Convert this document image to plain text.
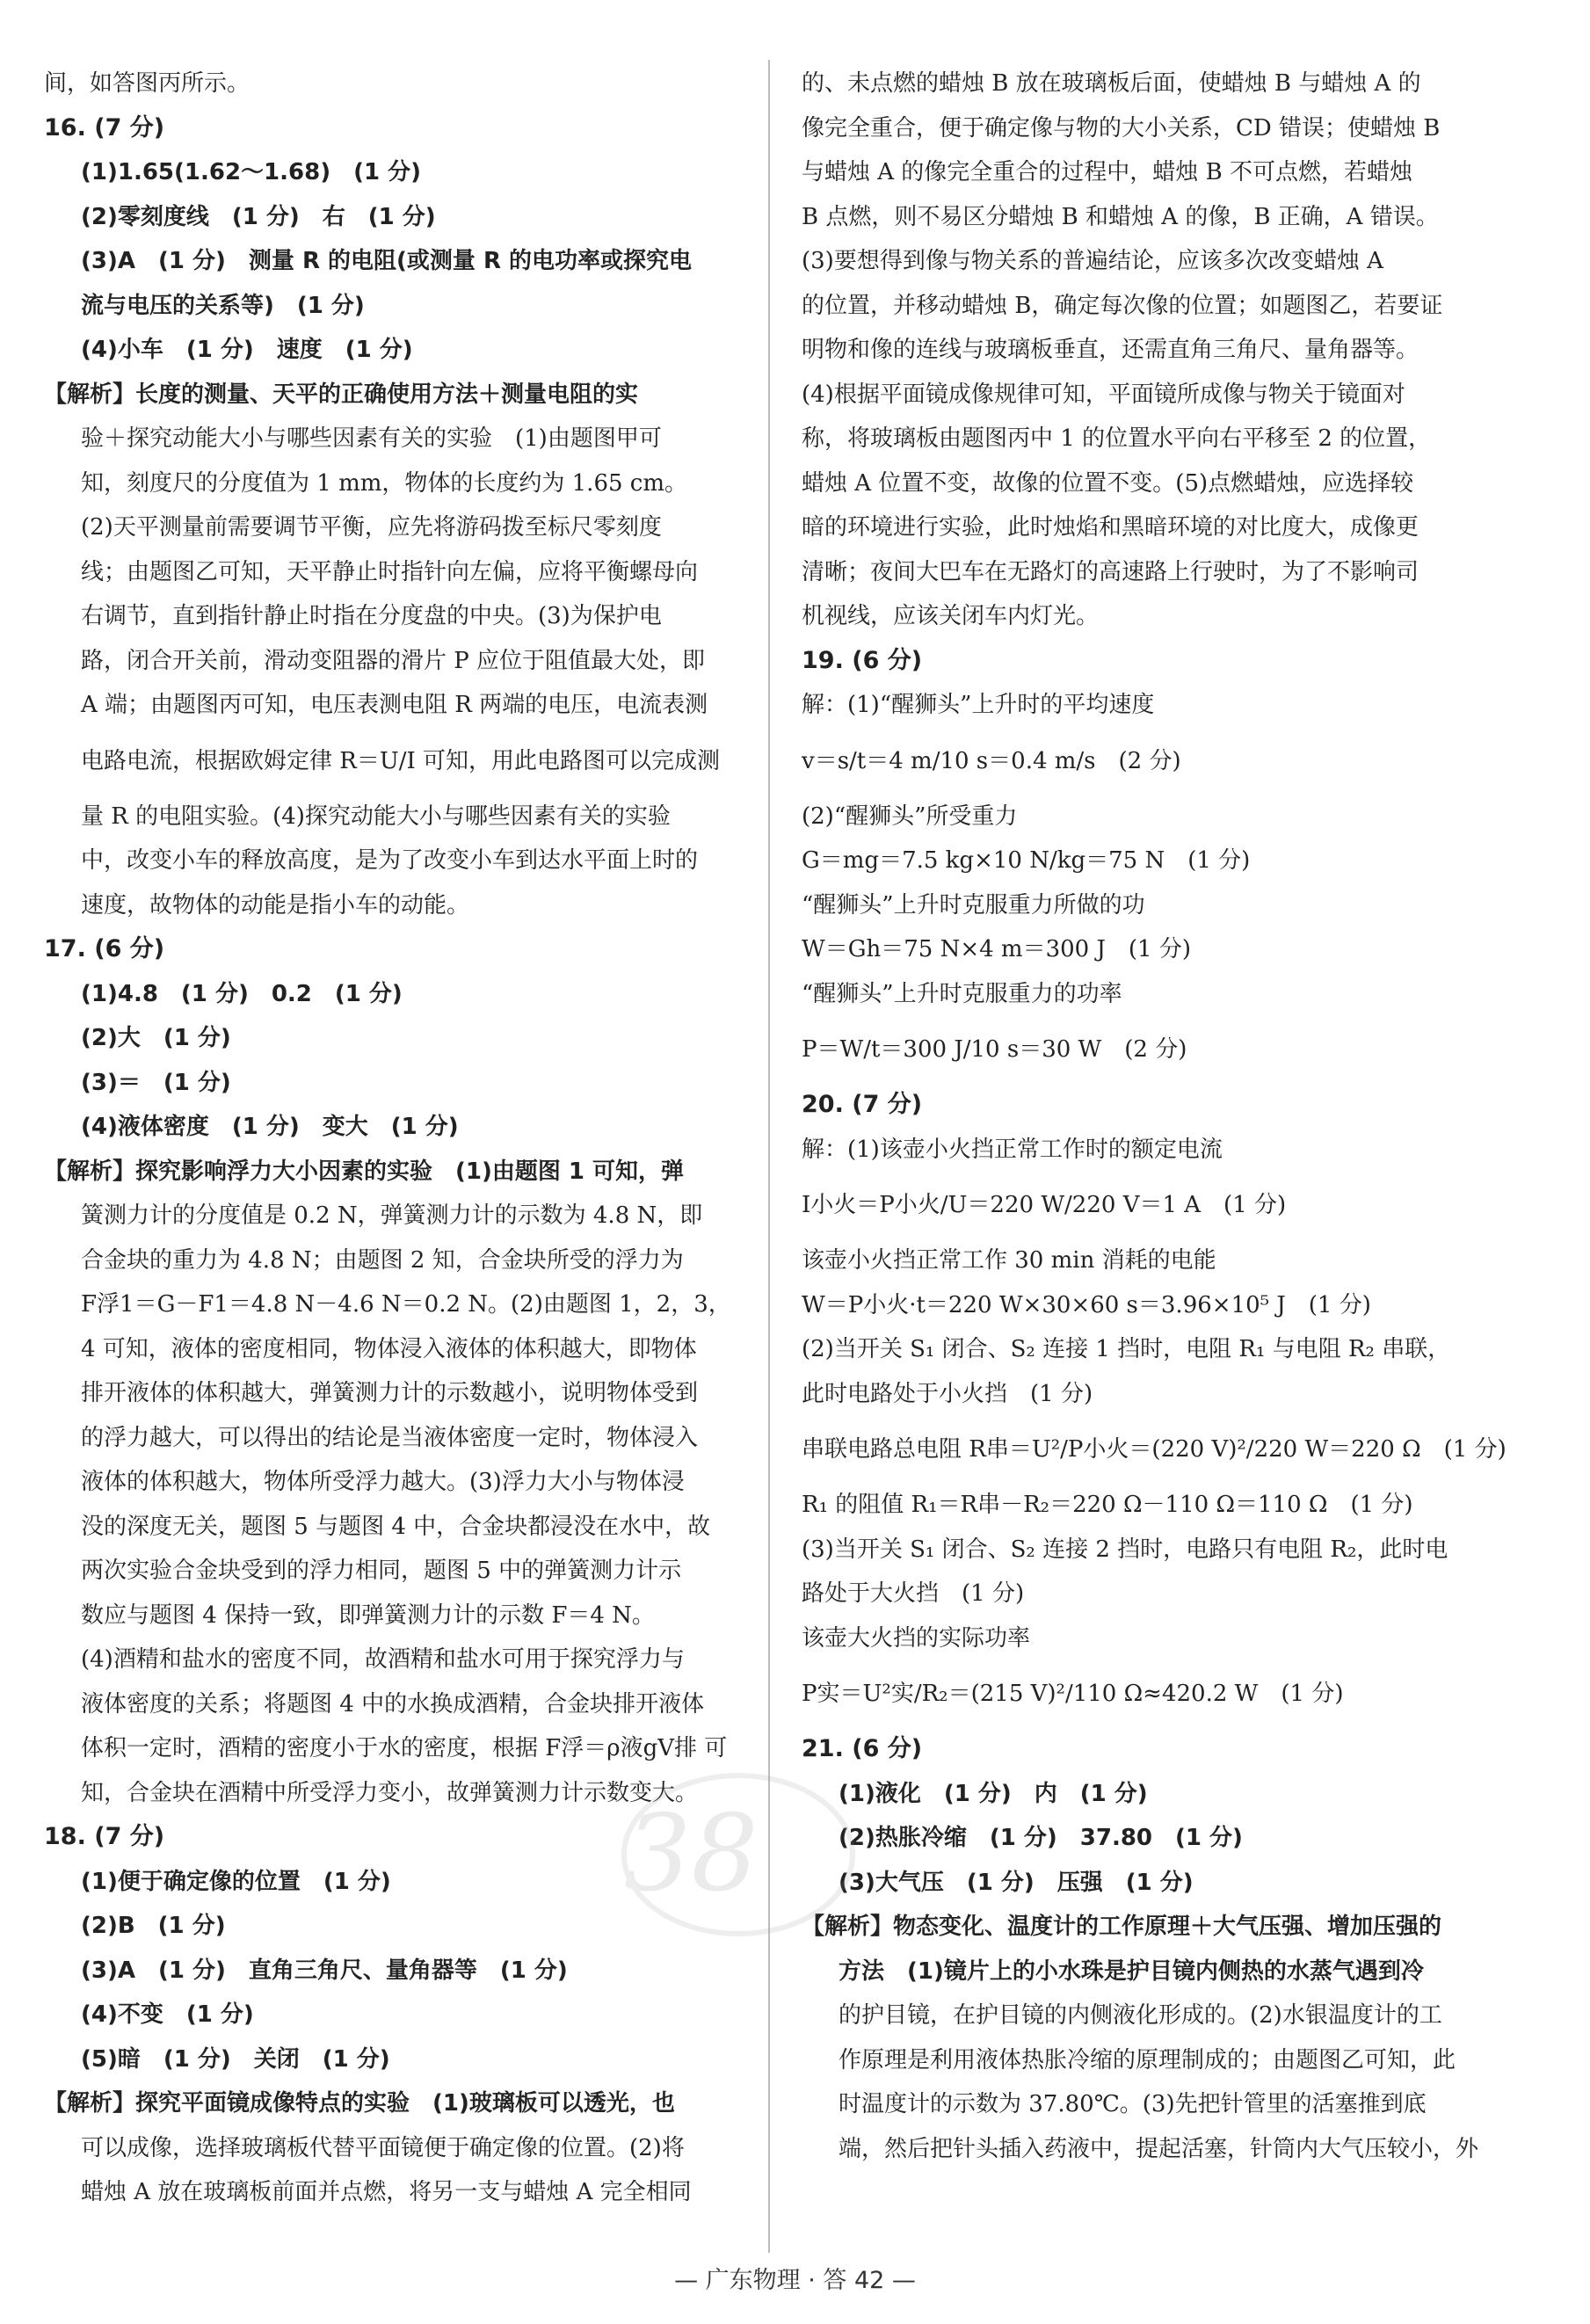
间，如答图丙所示。
16. (7 分)
(1)1.65(1.62～1.68)　(1 分)
(2)零刻度线　(1 分)　右　(1 分)
(3)A　(1 分)　测量 R 的电阻(或测量 R 的电功率或探究电
流与电压的关系等)　(1 分)
(4)小车　(1 分)　速度　(1 分)
【解析】长度的测量、天平的正确使用方法＋测量电阻的实
验＋探究动能大小与哪些因素有关的实验　(1)由题图甲可
知，刻度尺的分度值为 1 mm，物体的长度约为 1.65 cm。
(2)天平测量前需要调节平衡，应先将游码拨至标尺零刻度
线；由题图乙可知，天平静止时指针向左偏，应将平衡螺母向
右调节，直到指针静止时指在分度盘的中央。(3)为保护电
路，闭合开关前，滑动变阻器的滑片 P 应位于阻值最大处，即
A 端；由题图丙可知，电压表测电阻 R 两端的电压，电流表测
电路电流，根据欧姆定律 R＝U/I 可知，用此电路图可以完成测
量 R 的电阻实验。(4)探究动能大小与哪些因素有关的实验
中，改变小车的释放高度，是为了改变小车到达水平面上时的
速度，故物体的动能是指小车的动能。
17. (6 分)
(1)4.8　(1 分)　0.2　(1 分)
(2)大　(1 分)
(3)＝　(1 分)
(4)液体密度　(1 分)　变大　(1 分)
【解析】探究影响浮力大小因素的实验　(1)由题图 1 可知，弹
簧测力计的分度值是 0.2 N，弹簧测力计的示数为 4.8 N，即
合金块的重力为 4.8 N；由题图 2 知，合金块所受的浮力为
F浮1＝G－F1＝4.8 N－4.6 N＝0.2 N。(2)由题图 1，2，3，
4 可知，液体的密度相同，物体浸入液体的体积越大，即物体
排开液体的体积越大，弹簧测力计的示数越小，说明物体受到
的浮力越大，可以得出的结论是当液体密度一定时，物体浸入
液体的体积越大，物体所受浮力越大。(3)浮力大小与物体浸
没的深度无关，题图 5 与题图 4 中，合金块都浸没在水中，故
两次实验合金块受到的浮力相同，题图 5 中的弹簧测力计示
数应与题图 4 保持一致，即弹簧测力计的示数 F＝4 N。
(4)酒精和盐水的密度不同，故酒精和盐水可用于探究浮力与
液体密度的关系；将题图 4 中的水换成酒精，合金块排开液体
体积一定时，酒精的密度小于水的密度，根据 F浮＝ρ液gV排 可
知，合金块在酒精中所受浮力变小，故弹簧测力计示数变大。
18. (7 分)
(1)便于确定像的位置　(1 分)
(2)B　(1 分)
(3)A　(1 分)　直角三角尺、量角器等　(1 分)
(4)不变　(1 分)
(5)暗　(1 分)　关闭　(1 分)
【解析】探究平面镜成像特点的实验　(1)玻璃板可以透光，也
可以成像，选择玻璃板代替平面镜便于确定像的位置。(2)将
蜡烛 A 放在玻璃板前面并点燃，将另一支与蜡烛 A 完全相同
的、未点燃的蜡烛 B 放在玻璃板后面，使蜡烛 B 与蜡烛 A 的
像完全重合，便于确定像与物的大小关系，CD 错误；使蜡烛 B
与蜡烛 A 的像完全重合的过程中，蜡烛 B 不可点燃，若蜡烛
B 点燃，则不易区分蜡烛 B 和蜡烛 A 的像，B 正确，A 错误。
(3)要想得到像与物关系的普遍结论，应该多次改变蜡烛 A
的位置，并移动蜡烛 B，确定每次像的位置；如题图乙，若要证
明物和像的连线与玻璃板垂直，还需直角三角尺、量角器等。
(4)根据平面镜成像规律可知，平面镜所成像与物关于镜面对
称，将玻璃板由题图丙中 1 的位置水平向右平移至 2 的位置，
蜡烛 A 位置不变，故像的位置不变。(5)点燃蜡烛，应选择较
暗的环境进行实验，此时烛焰和黑暗环境的对比度大，成像更
清晰；夜间大巴车在无路灯的高速路上行驶时，为了不影响司
机视线，应该关闭车内灯光。
19. (6 分)
解：(1)“醒狮头”上升时的平均速度
v＝s/t＝4 m/10 s＝0.4 m/s　(2 分)
(2)“醒狮头”所受重力
G＝mg＝7.5 kg×10 N/kg＝75 N　(1 分)
“醒狮头”上升时克服重力所做的功
W＝Gh＝75 N×4 m＝300 J　(1 分)
“醒狮头”上升时克服重力的功率
P＝W/t＝300 J/10 s＝30 W　(2 分)
20. (7 分)
解：(1)该壶小火挡正常工作时的额定电流
I小火＝P小火/U＝220 W/220 V＝1 A　(1 分)
该壶小火挡正常工作 30 min 消耗的电能
W＝P小火·t＝220 W×30×60 s＝3.96×10⁵ J　(1 分)
(2)当开关 S₁ 闭合、S₂ 连接 1 挡时，电阻 R₁ 与电阻 R₂ 串联，
此时电路处于小火挡　(1 分)
串联电路总电阻 R串＝U²/P小火＝(220 V)²/220 W＝220 Ω　(1 分)
R₁ 的阻值 R₁＝R串－R₂＝220 Ω－110 Ω＝110 Ω　(1 分)
(3)当开关 S₁ 闭合、S₂ 连接 2 挡时，电路只有电阻 R₂，此时电
路处于大火挡　(1 分)
该壶大火挡的实际功率
P实＝U²实/R₂＝(215 V)²/110 Ω≈420.2 W　(1 分)
21. (6 分)
(1)液化　(1 分)　内　(1 分)
(2)热胀冷缩　(1 分)　37.80　(1 分)
(3)大气压　(1 分)　压强　(1 分)
【解析】物态变化、温度计的工作原理＋大气压强、增加压强的
方法　(1)镜片上的小水珠是护目镜内侧热的水蒸气遇到冷
的护目镜，在护目镜的内侧液化形成的。(2)水银温度计的工
作原理是利用液体热胀冷缩的原理制成的；由题图乙可知，此
时温度计的示数为 37.80℃。(3)先把针管里的活塞推到底
端，然后把针头插入药液中，提起活塞，针筒内大气压较小，外
38
— 广东物理 · 答 42 —
